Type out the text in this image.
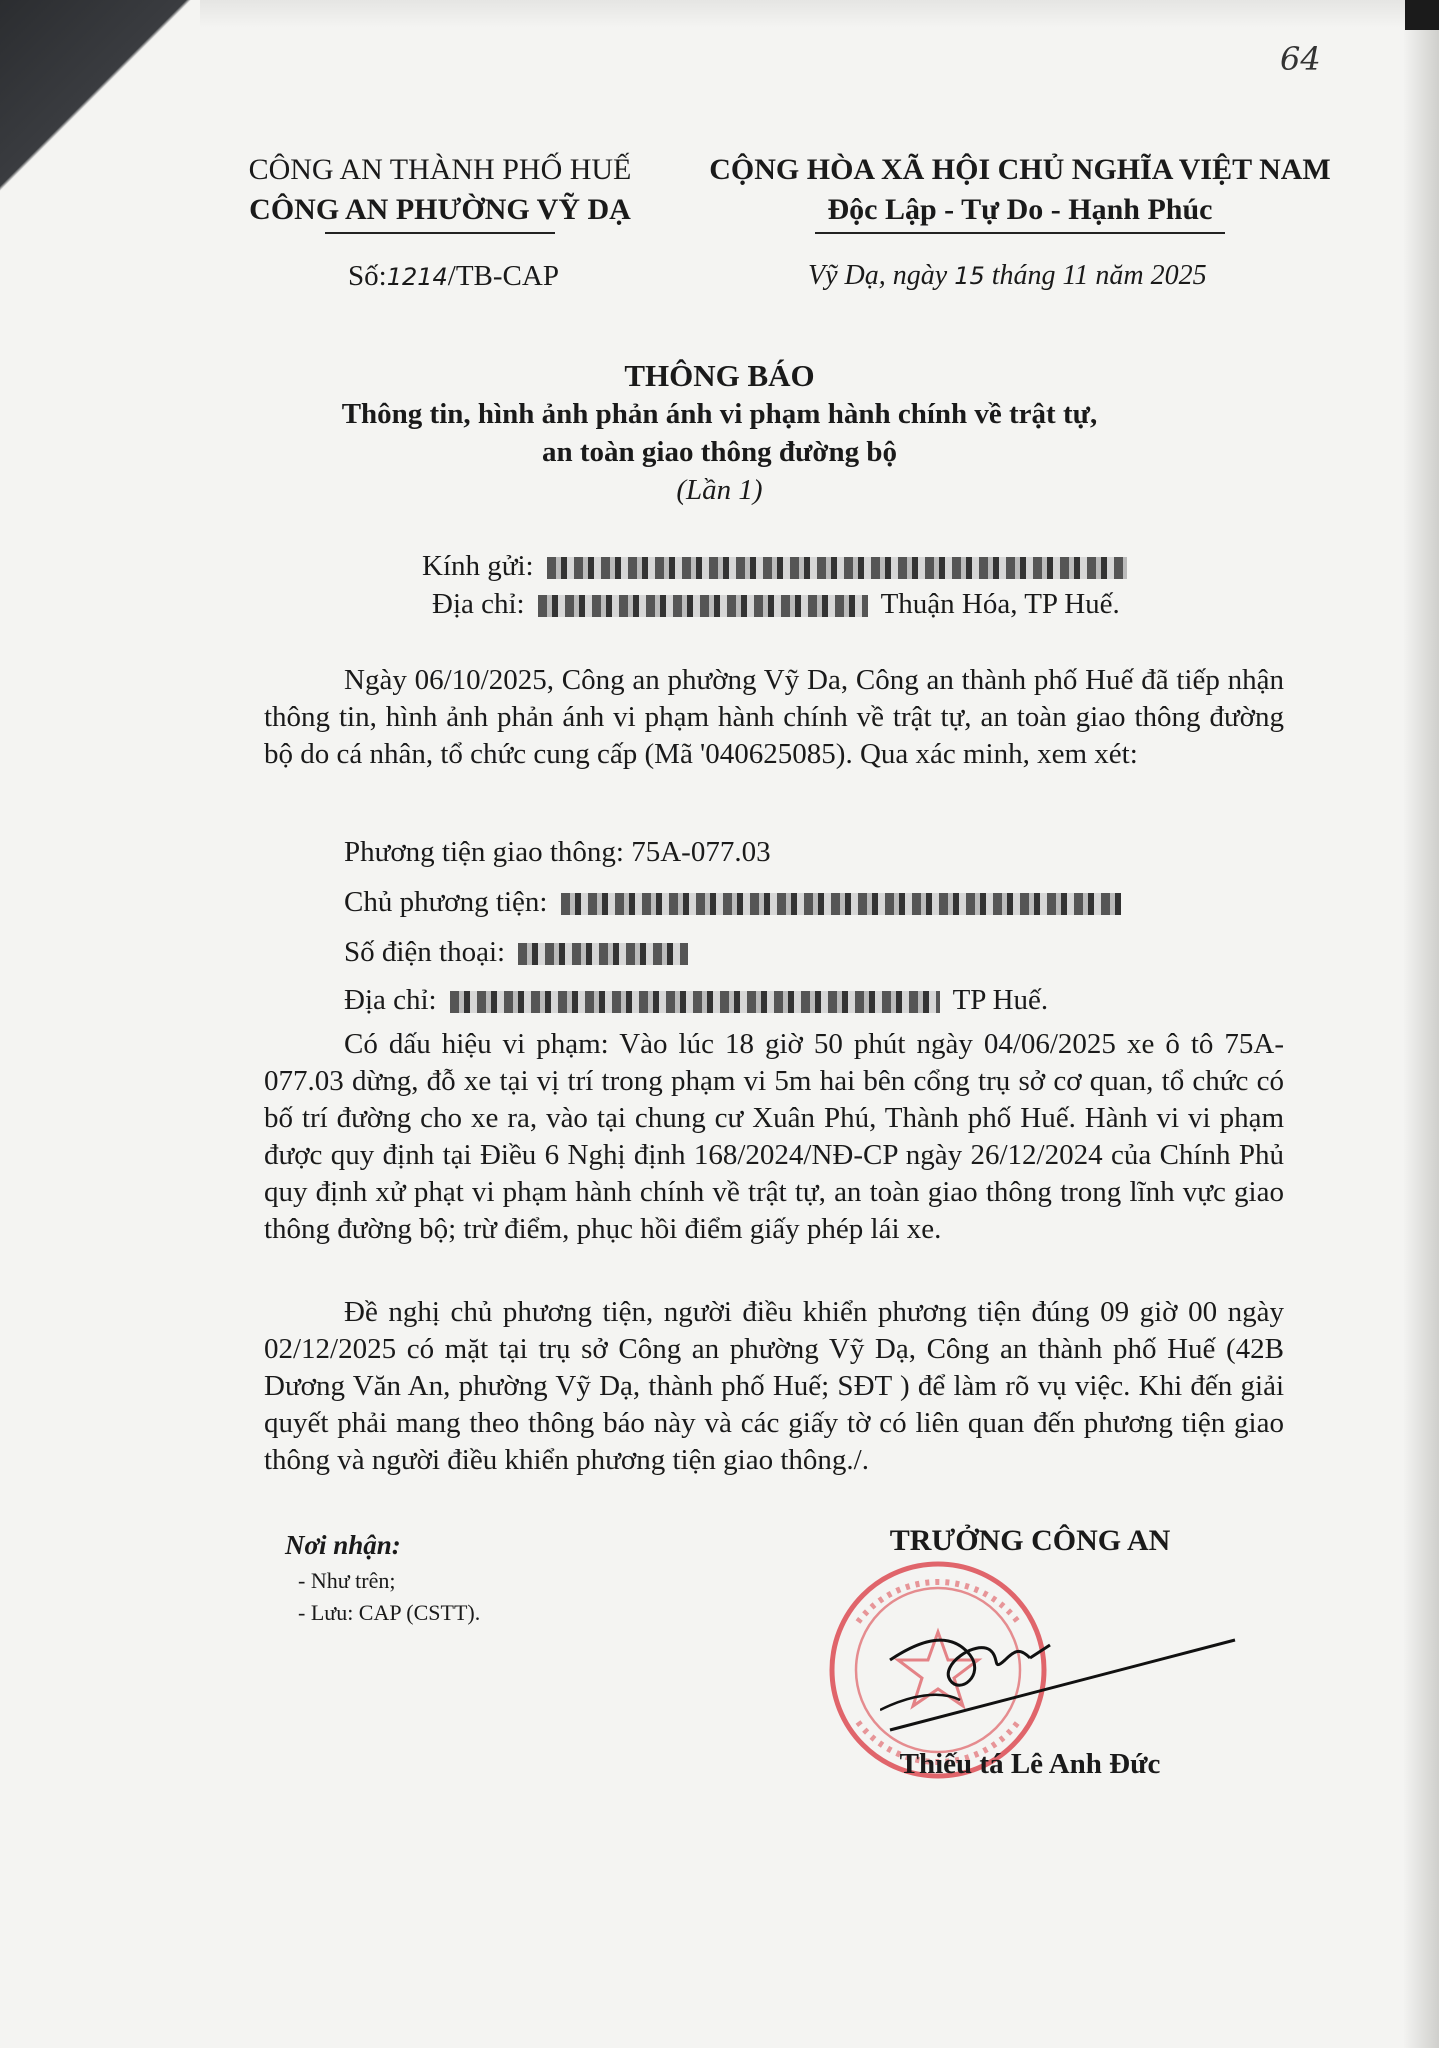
64
CÔNG AN THÀNH PHỐ HUẾ
CÔNG AN PHƯỜNG VỸ DẠ
CỘNG HÒA XÃ HỘI CHỦ NGHĨA VIỆT NAM
Độc Lập - Tự Do - Hạnh Phúc
Số:1214/TB-CAP	Vỹ Dạ, ngày 15 tháng 11 năm 2025
THÔNG BÁO
Thông tin, hình ảnh phản ánh vi phạm hành chính về trật tự,
an toàn giao thông đường bộ
(Lần 1)
Kính gửi:
Địa chỉ:	Thuận Hóa, TP Huế.
Ngày 06/10/2025, Công an phường Vỹ Da, Công an thành phố Huế đã tiếp nhận thông tin, hình ảnh phản ánh vi phạm hành chính về trật tự, an toàn giao thông đường bộ do cá nhân, tổ chức cung cấp (Mã '040625085). Qua xác minh, xem xét:
Phương tiện giao thông: 75A-077.03
Chủ phương tiện:
Số điện thoại:
Địa chỉ:	TP Huế.
Có dấu hiệu vi phạm: Vào lúc 18 giờ 50 phút ngày 04/06/2025 xe ô tô 75A-077.03 dừng, đỗ xe tại vị trí trong phạm vi 5m hai bên cổng trụ sở cơ quan, tổ chức có bố trí đường cho xe ra, vào tại chung cư Xuân Phú, Thành phố Huế. Hành vi vi phạm được quy định tại Điều 6 Nghị định 168/2024/NĐ-CP ngày 26/12/2024 của Chính Phủ quy định xử phạt vi phạm hành chính về trật tự, an toàn giao thông trong lĩnh vực giao thông đường bộ; trừ điểm, phục hồi điểm giấy phép lái xe.
Đề nghị chủ phương tiện, người điều khiển phương tiện đúng 09 giờ 00 ngày 02/12/2025 có mặt tại trụ sở Công an phường Vỹ Dạ, Công an thành phố Huế (42B Dương Văn An, phường Vỹ Dạ, thành phố Huế; SĐT ) để làm rõ vụ việc. Khi đến giải quyết phải mang theo thông báo này và các giấy tờ có liên quan đến phương tiện giao thông và người điều khiển phương tiện giao thông./.
Nơi nhận:
- Như trên;
- Lưu: CAP (CSTT).
TRƯỞNG CÔNG AN
Thiếu tá Lê Anh Đức
